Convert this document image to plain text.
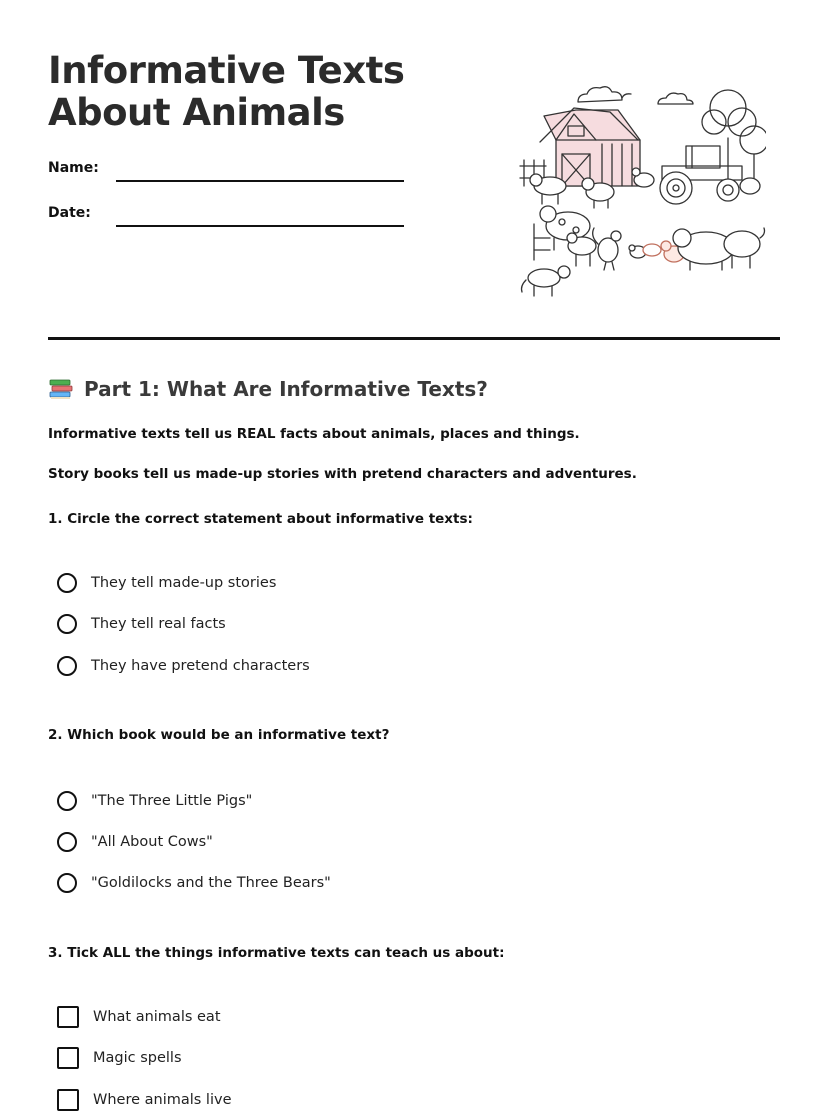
Informative Texts About Animals
Name:
Date:
Part 1: What Are Informative Texts?
Informative texts tell us REAL facts about animals, places and things.
Story books tell us made-up stories with pretend characters and adventures.
1. Circle the correct statement about informative texts:
They tell made-up stories
They tell real facts
They have pretend characters
2. Which book would be an informative text?
"The Three Little Pigs"
"All About Cows"
"Goldilocks and the Three Bears"
3. Tick ALL the things informative texts can teach us about:
What animals eat
Magic spells
Where animals live
